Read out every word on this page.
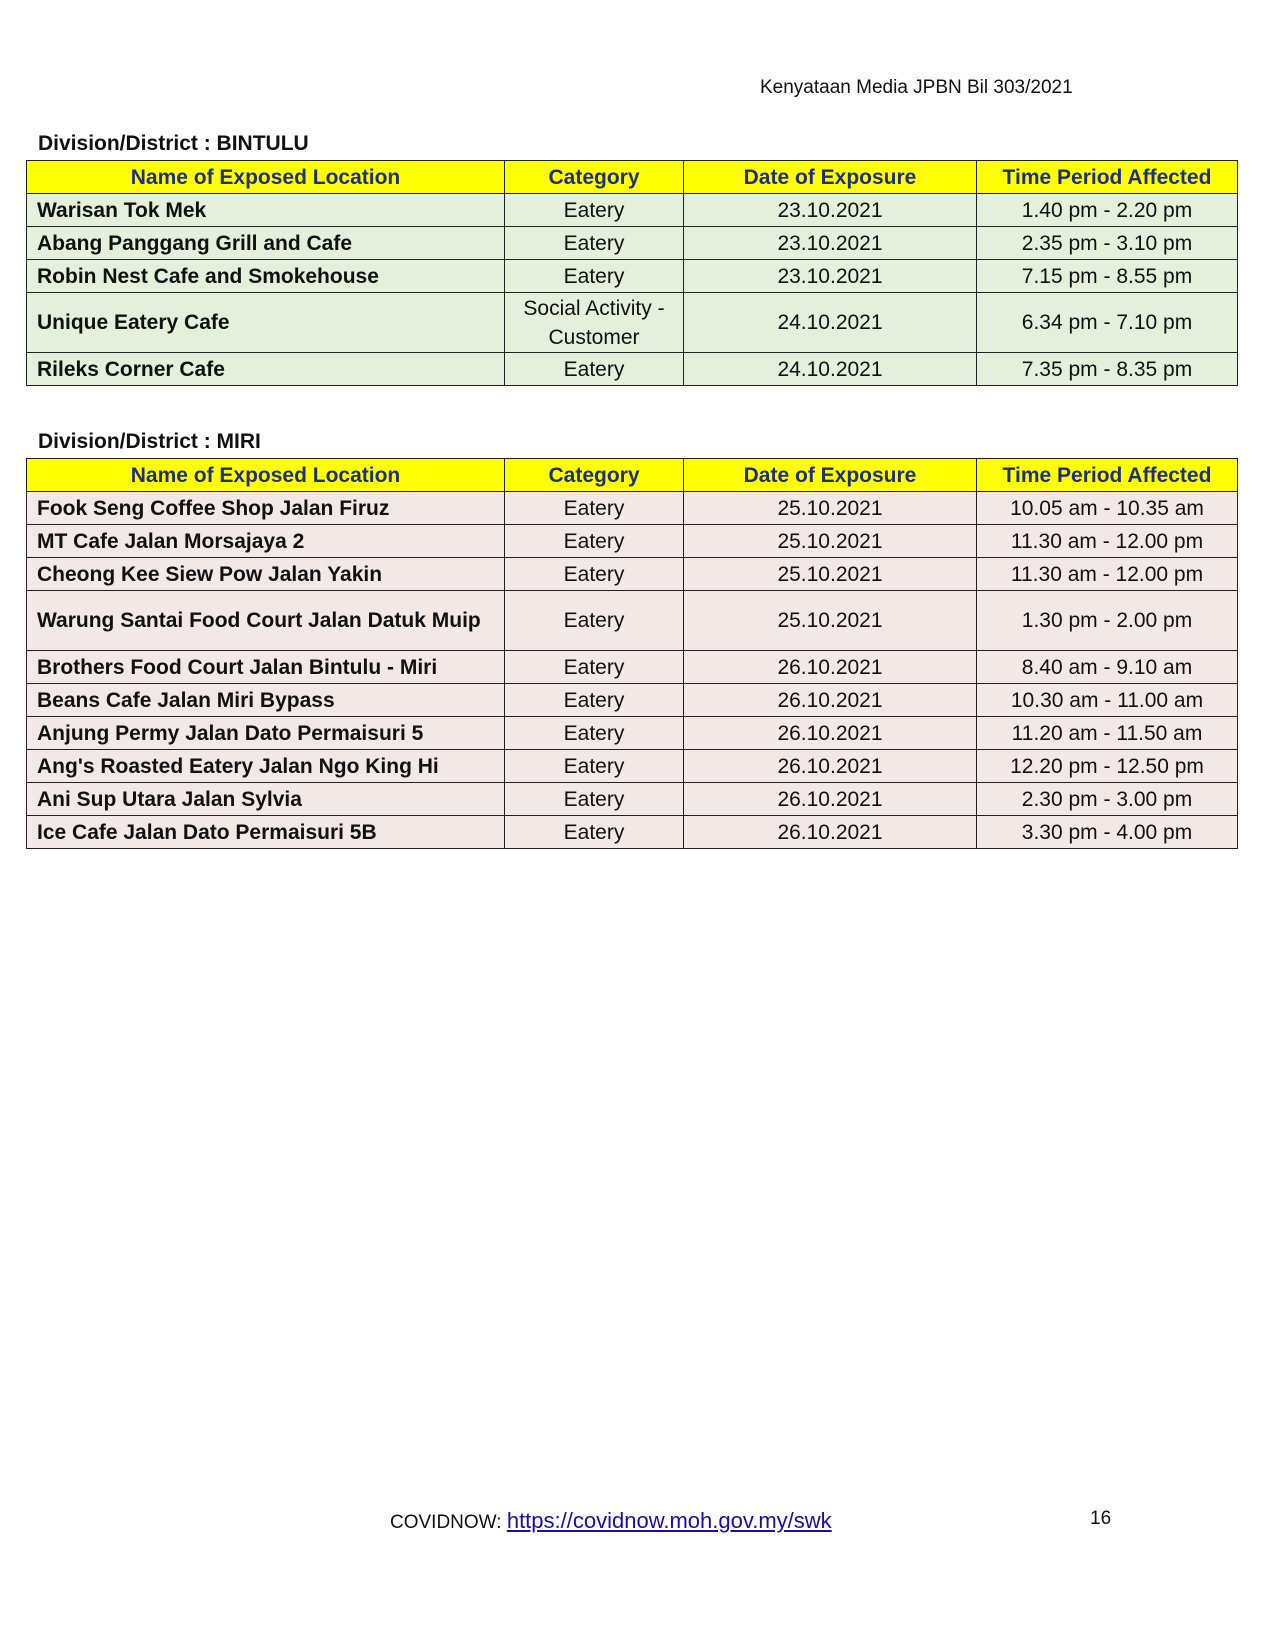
Kenyataan Media JPBN Bil 303/2021
Division/District : BINTULU
Name of Exposed Location	Category	Date of Exposure	Time Period Affected
Warisan Tok Mek	Eatery	23.10.2021	1.40 pm - 2.20 pm
Abang Panggang Grill and Cafe	Eatery	23.10.2021	2.35 pm - 3.10 pm
Robin Nest Cafe and Smokehouse	Eatery	23.10.2021	7.15 pm - 8.55 pm
Unique Eatery Cafe	Social Activity - Customer	24.10.2021	6.34 pm - 7.10 pm
Rileks Corner Cafe	Eatery	24.10.2021	7.35 pm - 8.35 pm
Division/District : MIRI
Name of Exposed Location	Category	Date of Exposure	Time Period Affected
Fook Seng Coffee Shop Jalan Firuz	Eatery	25.10.2021	10.05 am - 10.35 am
MT Cafe Jalan Morsajaya 2	Eatery	25.10.2021	11.30 am - 12.00 pm
Cheong Kee Siew Pow Jalan Yakin	Eatery	25.10.2021	11.30 am - 12.00 pm
Warung Santai Food Court Jalan Datuk Muip	Eatery	25.10.2021	1.30 pm - 2.00 pm
Brothers Food Court Jalan Bintulu - Miri	Eatery	26.10.2021	8.40 am - 9.10 am
Beans Cafe Jalan Miri Bypass	Eatery	26.10.2021	10.30 am - 11.00 am
Anjung Permy Jalan Dato Permaisuri 5	Eatery	26.10.2021	11.20 am - 11.50 am
Ang's Roasted Eatery Jalan Ngo King Hi	Eatery	26.10.2021	12.20 pm - 12.50 pm
Ani Sup Utara Jalan Sylvia	Eatery	26.10.2021	2.30 pm - 3.00 pm
Ice Cafe Jalan Dato Permaisuri 5B	Eatery	26.10.2021	3.30 pm - 4.00 pm
COVIDNOW: https://covidnow.moh.gov.my/swk	16
